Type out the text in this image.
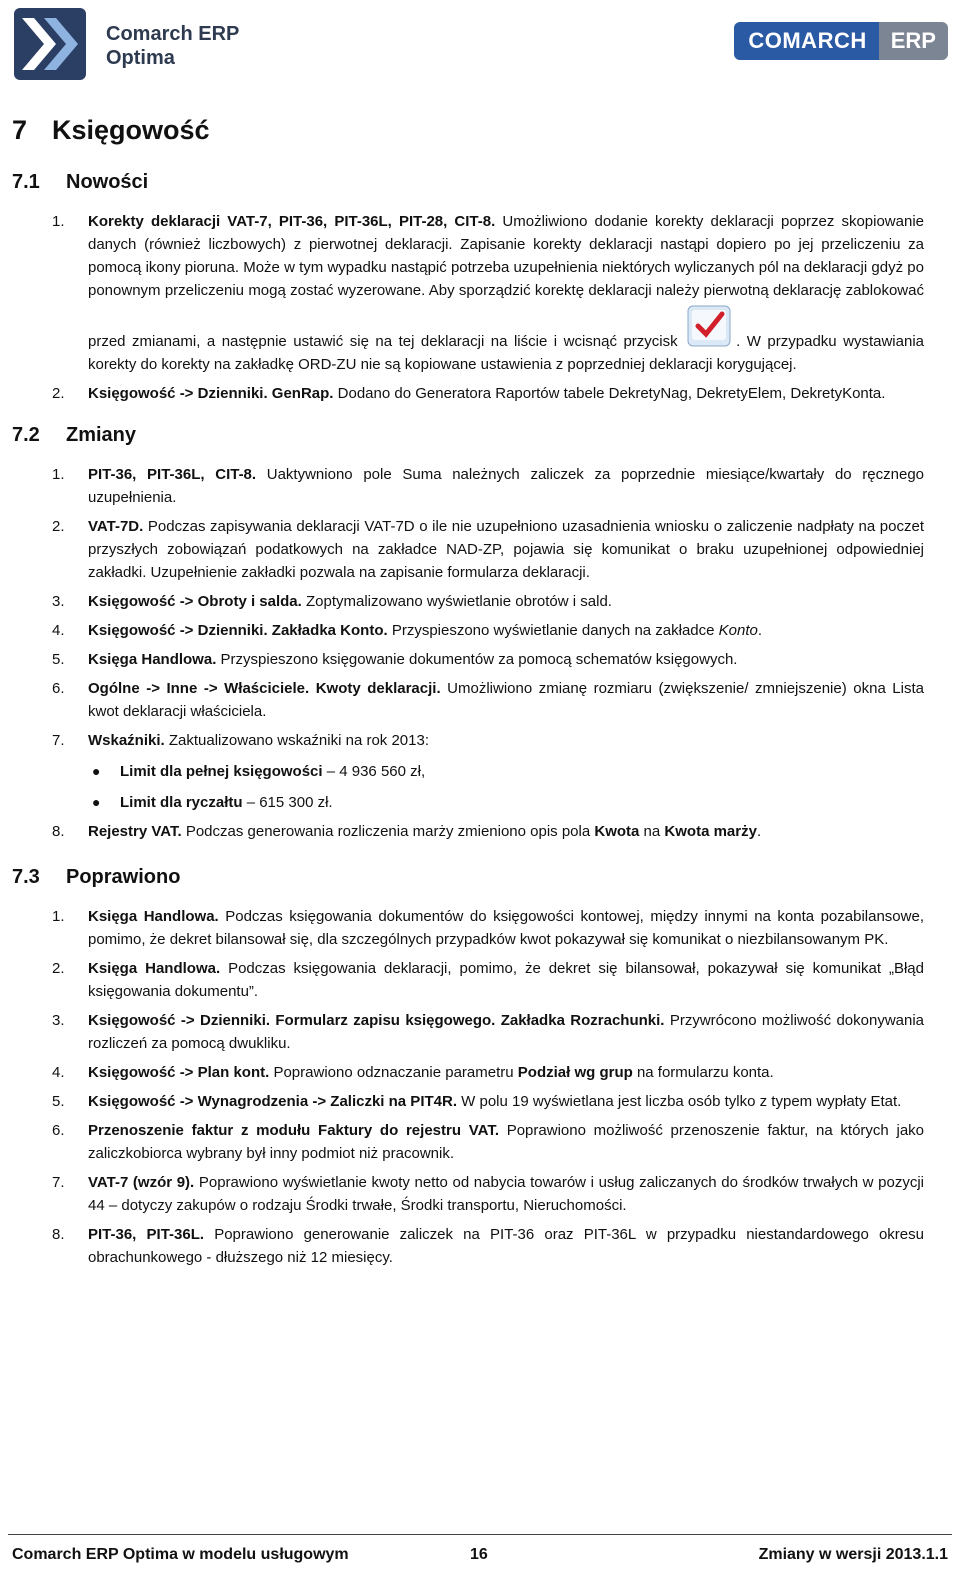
Comarch ERP
Optima
COMARCH	ERP
7 Księgowość
7.1 Nowości
1. Korekty deklaracji VAT-7, PIT-36, PIT-36L, PIT-28, CIT-8. Umożliwiono dodanie korekty deklaracji poprzez skopiowanie danych (również liczbowych) z pierwotnej deklaracji. Zapisanie korekty deklaracji nastąpi dopiero po jej przeliczeniu za pomocą ikony pioruna. Może w tym wypadku nastąpić potrzeba uzupełnienia niektórych wyliczanych pól na deklaracji gdyż po ponownym przeliczeniu mogą zostać wyzerowane. Aby sporządzić korektę deklaracji należy pierwotną deklarację zablokować przed zmianami, a następnie ustawić się na tej deklaracji na liście i wcisnąć przycisk	. W przypadku wystawiania korekty do korekty na zakładkę ORD-ZU nie są kopiowane ustawienia z poprzedniej deklaracji korygującej.
2. Księgowość -> Dzienniki. GenRap. Dodano do Generatora Raportów tabele DekretyNag, DekretyElem, DekretyKonta.
7.2 Zmiany
1. PIT-36, PIT-36L, CIT-8. Uaktywniono pole Suma należnych zaliczek za poprzednie miesiące/kwartały do ręcznego uzupełnienia.
2. VAT-7D. Podczas zapisywania deklaracji VAT-7D o ile nie uzupełniono uzasadnienia wniosku o zaliczenie nadpłaty na poczet przyszłych zobowiązań podatkowych na zakładce NAD-ZP, pojawia się komunikat o braku uzupełnionej odpowiedniej zakładki. Uzupełnienie zakładki pozwala na zapisanie formularza deklaracji.
3. Księgowość -> Obroty i salda. Zoptymalizowano wyświetlanie obrotów i sald.
4. Księgowość -> Dzienniki. Zakładka Konto. Przyspieszono wyświetlanie danych na zakładce Konto.
5. Księga Handlowa. Przyspieszono księgowanie dokumentów za pomocą schematów księgowych.
6. Ogólne -> Inne -> Właściciele. Kwoty deklaracji. Umożliwiono zmianę rozmiaru (zwiększenie/ zmniejszenie) okna Lista kwot deklaracji właściciela.
7. Wskaźniki. Zaktualizowano wskaźniki na rok 2013:
● Limit dla pełnej księgowości – 4 936 560 zł,
● Limit dla ryczałtu – 615 300 zł.
8. Rejestry VAT. Podczas generowania rozliczenia marży zmieniono opis pola Kwota na Kwota marży.
7.3 Poprawiono
1. Księga Handlowa. Podczas księgowania dokumentów do księgowości kontowej, między innymi na konta pozabilansowe, pomimo, że dekret bilansował się, dla szczególnych przypadków kwot pokazywał się komunikat o niezbilansowanym PK.
2. Księga Handlowa. Podczas księgowania deklaracji, pomimo, że dekret się bilansował, pokazywał się komunikat „Błąd księgowania dokumentu”.
3. Księgowość -> Dzienniki. Formularz zapisu księgowego. Zakładka Rozrachunki. Przywrócono możliwość dokonywania rozliczeń za pomocą dwukliku.
4. Księgowość -> Plan kont. Poprawiono odznaczanie parametru Podział wg grup na formularzu konta.
5. Księgowość -> Wynagrodzenia -> Zaliczki na PIT4R. W polu 19 wyświetlana jest liczba osób tylko z typem wypłaty Etat.
6. Przenoszenie faktur z modułu Faktury do rejestru VAT. Poprawiono możliwość przenoszenie faktur, na których jako zaliczkobiorca wybrany był inny podmiot niż pracownik.
7. VAT-7 (wzór 9). Poprawiono wyświetlanie kwoty netto od nabycia towarów i usług zaliczanych do środków trwałych w pozycji 44 – dotyczy zakupów o rodzaju Środki trwałe, Środki transportu, Nieruchomości.
8. PIT-36, PIT-36L. Poprawiono generowanie zaliczek na PIT-36 oraz PIT-36L w przypadku niestandardowego okresu obrachunkowego - dłuższego niż 12 miesięcy.
Comarch ERP Optima w modelu usługowym	16	Zmiany w wersji 2013.1.1
